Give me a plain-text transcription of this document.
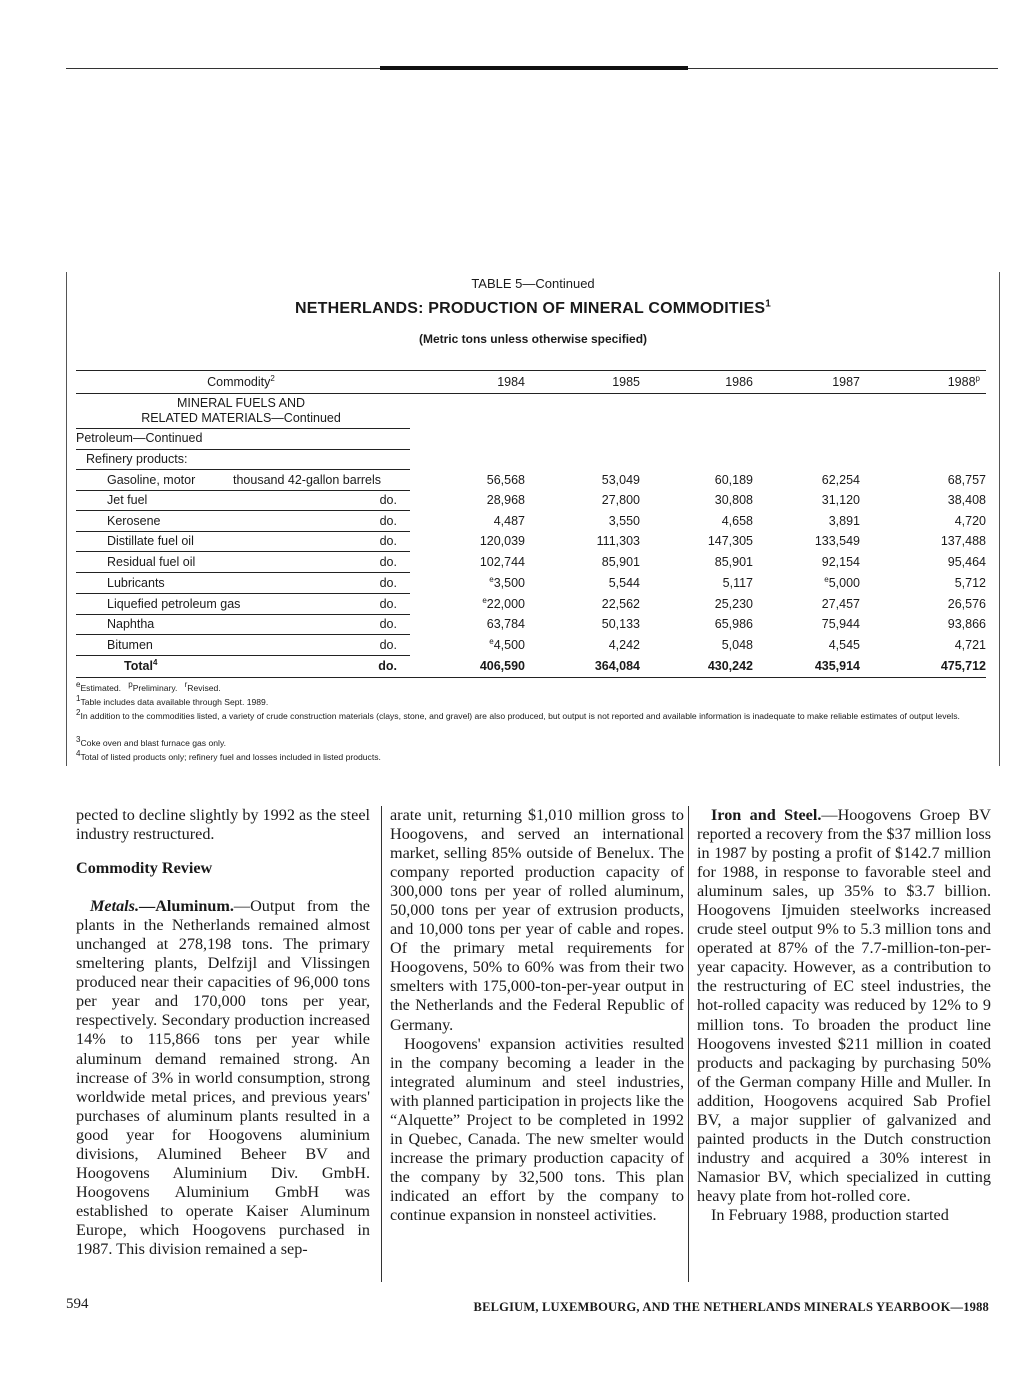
TABLE 5—Continued
NETHERLANDS: PRODUCTION OF MINERAL COMMODITIES$^1$
(Metric tons unless otherwise specified)
Commodity$^2$	1984	1985	1986	1987	1988$^p$
MINERAL FUELS AND
RELATED MATERIALS—Continued
Petroleum—Continued
Refinery products:
Gasoline, motor	thousand 42-gallon barrels	56,568	53,049	60,189	62,254	68,757
Jet fuel	do.	28,968	27,800	30,808	31,120	38,408
Kerosene	do.	4,487	3,550	4,658	3,891	4,720
Distillate fuel oil	do.	120,039	111,303	147,305	133,549	137,488
Residual fuel oil	do.	102,744	85,901	85,901	92,154	95,464
Lubricants	do.	$^e$3,500	5,544	5,117	$^e$5,000	5,712
Liquefied petroleum gas	do.	$^e$22,000	22,562	25,230	27,457	26,576
Naphtha	do.	63,784	50,133	65,986	75,944	93,866
Bitumen	do.	$^e$4,500	4,242	5,048	4,545	4,721
Total$^4$	do.	406,590	364,084	430,242	435,914	475,712
$^e$Estimated. $^p$Preliminary. $^r$Revised.
$^1$Table includes data available through Sept. 1989.
$^2$In addition to the commodities listed, a variety of crude construction materials (clays, stone, and gravel) are also produced, but output is not reported and available information is inadequate to make reliable estimates of output levels.
$^3$Coke oven and blast furnace gas only.
$^4$Total of listed products only; refinery fuel and losses included in listed products.

pected to decline slightly by 1992 as the steel industry restructured.

Commodity Review

Metals.—Aluminum.—Output from the plants in the Netherlands remained almost unchanged at 278,198 tons. The primary smeltering plants, Delfzijl and Vlissingen produced near their capacities of 96,000 tons per year and 170,000 tons per year, respectively. Secondary production increased 14% to 115,866 tons per year while aluminum demand remained strong. An increase of 3% in world consumption, strong worldwide metal prices, and previous years' purchases of aluminum plants resulted in a good year for Hoogovens aluminium divisions, Alumined Beheer BV and Hoogovens Aluminium Div. GmbH. Hoogovens Aluminium GmbH was established to operate Kaiser Aluminum Europe, which Hoogovens purchased in 1987. This division remained a sep-

arate unit, returning $1,010 million gross to Hoogovens, and served an international market, selling 85% outside of Benelux. The company reported production capacity of 300,000 tons per year of rolled aluminum, 50,000 tons per year of extrusion products, and 10,000 tons per year of cable and ropes. Of the primary metal requirements for Hoogovens, 50% to 60% was from their two smelters with 175,000-ton-per-year output in the Netherlands and the Federal Republic of Germany.

Hoogovens' expansion activities resulted in the company becoming a leader in the integrated aluminum and steel industries, with planned participation in projects like the “Alquette” Project to be completed in 1992 in Quebec, Canada. The new smelter would increase the primary production capacity of the company by 32,500 tons. This plan indicated an effort by the company to continue expansion in nonsteel activities.

Iron and Steel.—Hoogovens Groep BV reported a recovery from the $37 million loss in 1987 by posting a profit of $142.7 million for 1988, in response to favorable steel and aluminum sales, up 35% to $3.7 billion. Hoogovens Ijmuiden steelworks increased crude steel output 9% to 5.3 million tons and operated at 87% of the 7.7-million-ton-per-year capacity. However, as a contribution to the restructuring of EC steel industries, the hot-rolled capacity was reduced by 12% to 9 million tons. To broaden the product line Hoogovens invested $211 million in coated products and packaging by purchasing 50% of the German company Hille and Muller. In addition, Hoogovens acquired Sab Profiel BV, a major supplier of galvanized and painted products in the Dutch construction industry and acquired a 30% interest in Namasior BV, which specialized in cutting heavy plate from hot-rolled core.

In February 1988, production started

594	BELGIUM, LUXEMBOURG, AND THE NETHERLANDS MINERALS YEARBOOK—1988
